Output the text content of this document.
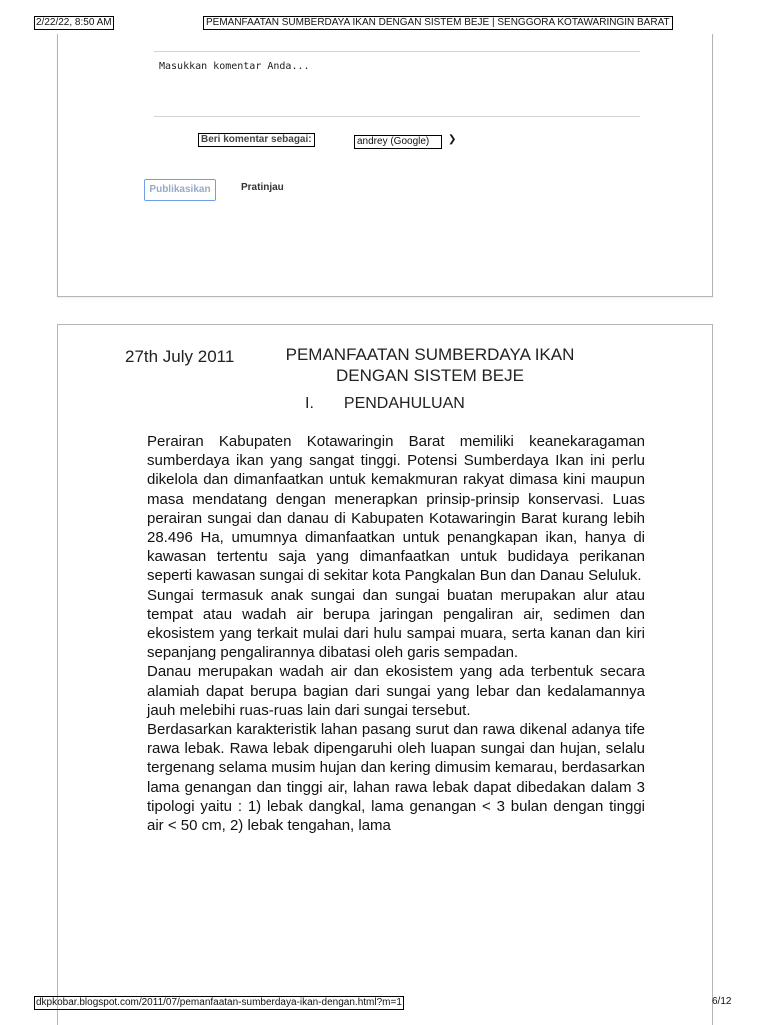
2/22/22, 8:50 AM	PEMANFAATAN SUMBERDAYA IKAN DENGAN SISTEM BEJE | SENGGORA KOTAWARINGIN BARAT
Masukkan komentar Anda...
Beri komentar sebagai:	andrey (Google)	❯
Publikasikan	Pratinjau
27th July 2011	PEMANFAATAN SUMBERDAYA IKAN DENGAN SISTEM BEJE
I. PENDAHULUAN

Perairan Kabupaten Kotawaringin Barat memiliki keanekaragaman sumberdaya ikan yang sangat tinggi. Potensi Sumberdaya Ikan ini perlu dikelola dan dimanfaatkan untuk kemakmuran rakyat dimasa kini maupun masa mendatang dengan menerapkan prinsip-prinsip konservasi. Luas perairan sungai dan danau di Kabupaten Kotawaringin Barat kurang lebih 28.496 Ha, umumnya dimanfaatkan untuk penangkapan ikan, hanya di kawasan tertentu saja yang dimanfaatkan untuk budidaya perikanan seperti kawasan sungai di sekitar kota Pangkalan Bun dan Danau Seluluk.

Sungai termasuk anak sungai dan sungai buatan merupakan alur atau tempat atau wadah air berupa jaringan pengaliran air, sedimen dan ekosistem yang terkait mulai dari hulu sampai muara, serta kanan dan kiri sepanjang pengalirannya dibatasi oleh garis sempadan.

Danau merupakan wadah air dan ekosistem yang ada terbentuk secara alamiah dapat berupa bagian dari sungai yang lebar dan kedalamannya jauh melebihi ruas-ruas lain dari sungai tersebut.

Berdasarkan karakteristik lahan pasang surut dan rawa dikenal adanya tife rawa lebak. Rawa lebak dipengaruhi oleh luapan sungai dan hujan, selalu tergenang selama musim hujan dan kering dimusim kemarau, berdasarkan lama genangan dan tinggi air, lahan rawa lebak dapat dibedakan dalam 3 tipologi yaitu : 1) lebak dangkal, lama genangan < 3 bulan dengan tinggi air < 50 cm, 2) lebak tengahan, lama

dkpkobar.blogspot.com/2011/07/pemanfaatan-sumberdaya-ikan-dengan.html?m=1	6/12
